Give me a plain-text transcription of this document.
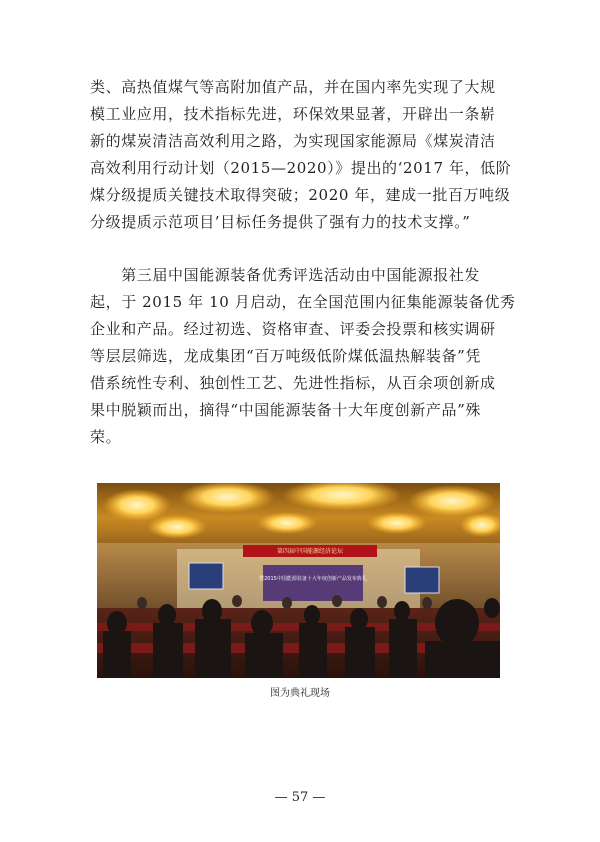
类、高热值煤气等高附加值产品，并在国内率先实现了大规
模工业应用，技术指标先进，环保效果显著，开辟出一条崭
新的煤炭清洁高效利用之路，为实现国家能源局《煤炭清洁
高效利用行动计划（2015—2020）》提出的‘2017 年，低阶
煤分级提质关键技术取得突破；2020 年，建成一批百万吨级
分级提质示范项目’目标任务提供了强有力的技术支撑。”

　　第三届中国能源装备优秀评选活动由中国能源报社发
起，于 2015 年 10 月启动，在全国范围内征集能源装备优秀
企业和产品。经过初选、资格审查、评委会投票和核实调研
等层层筛选，龙成集团“百万吨级低阶煤低温热解装备”凭
借系统性专利、独创性工艺、先进性指标，从百余项创新成
果中脱颖而出，摘得“中国能源装备十大年度创新产品”殊
荣。

第四届中国能源经济论坛
暨2015中国能源装备十大年度创新产品发布典礼
图为典礼现场
— 57 —
